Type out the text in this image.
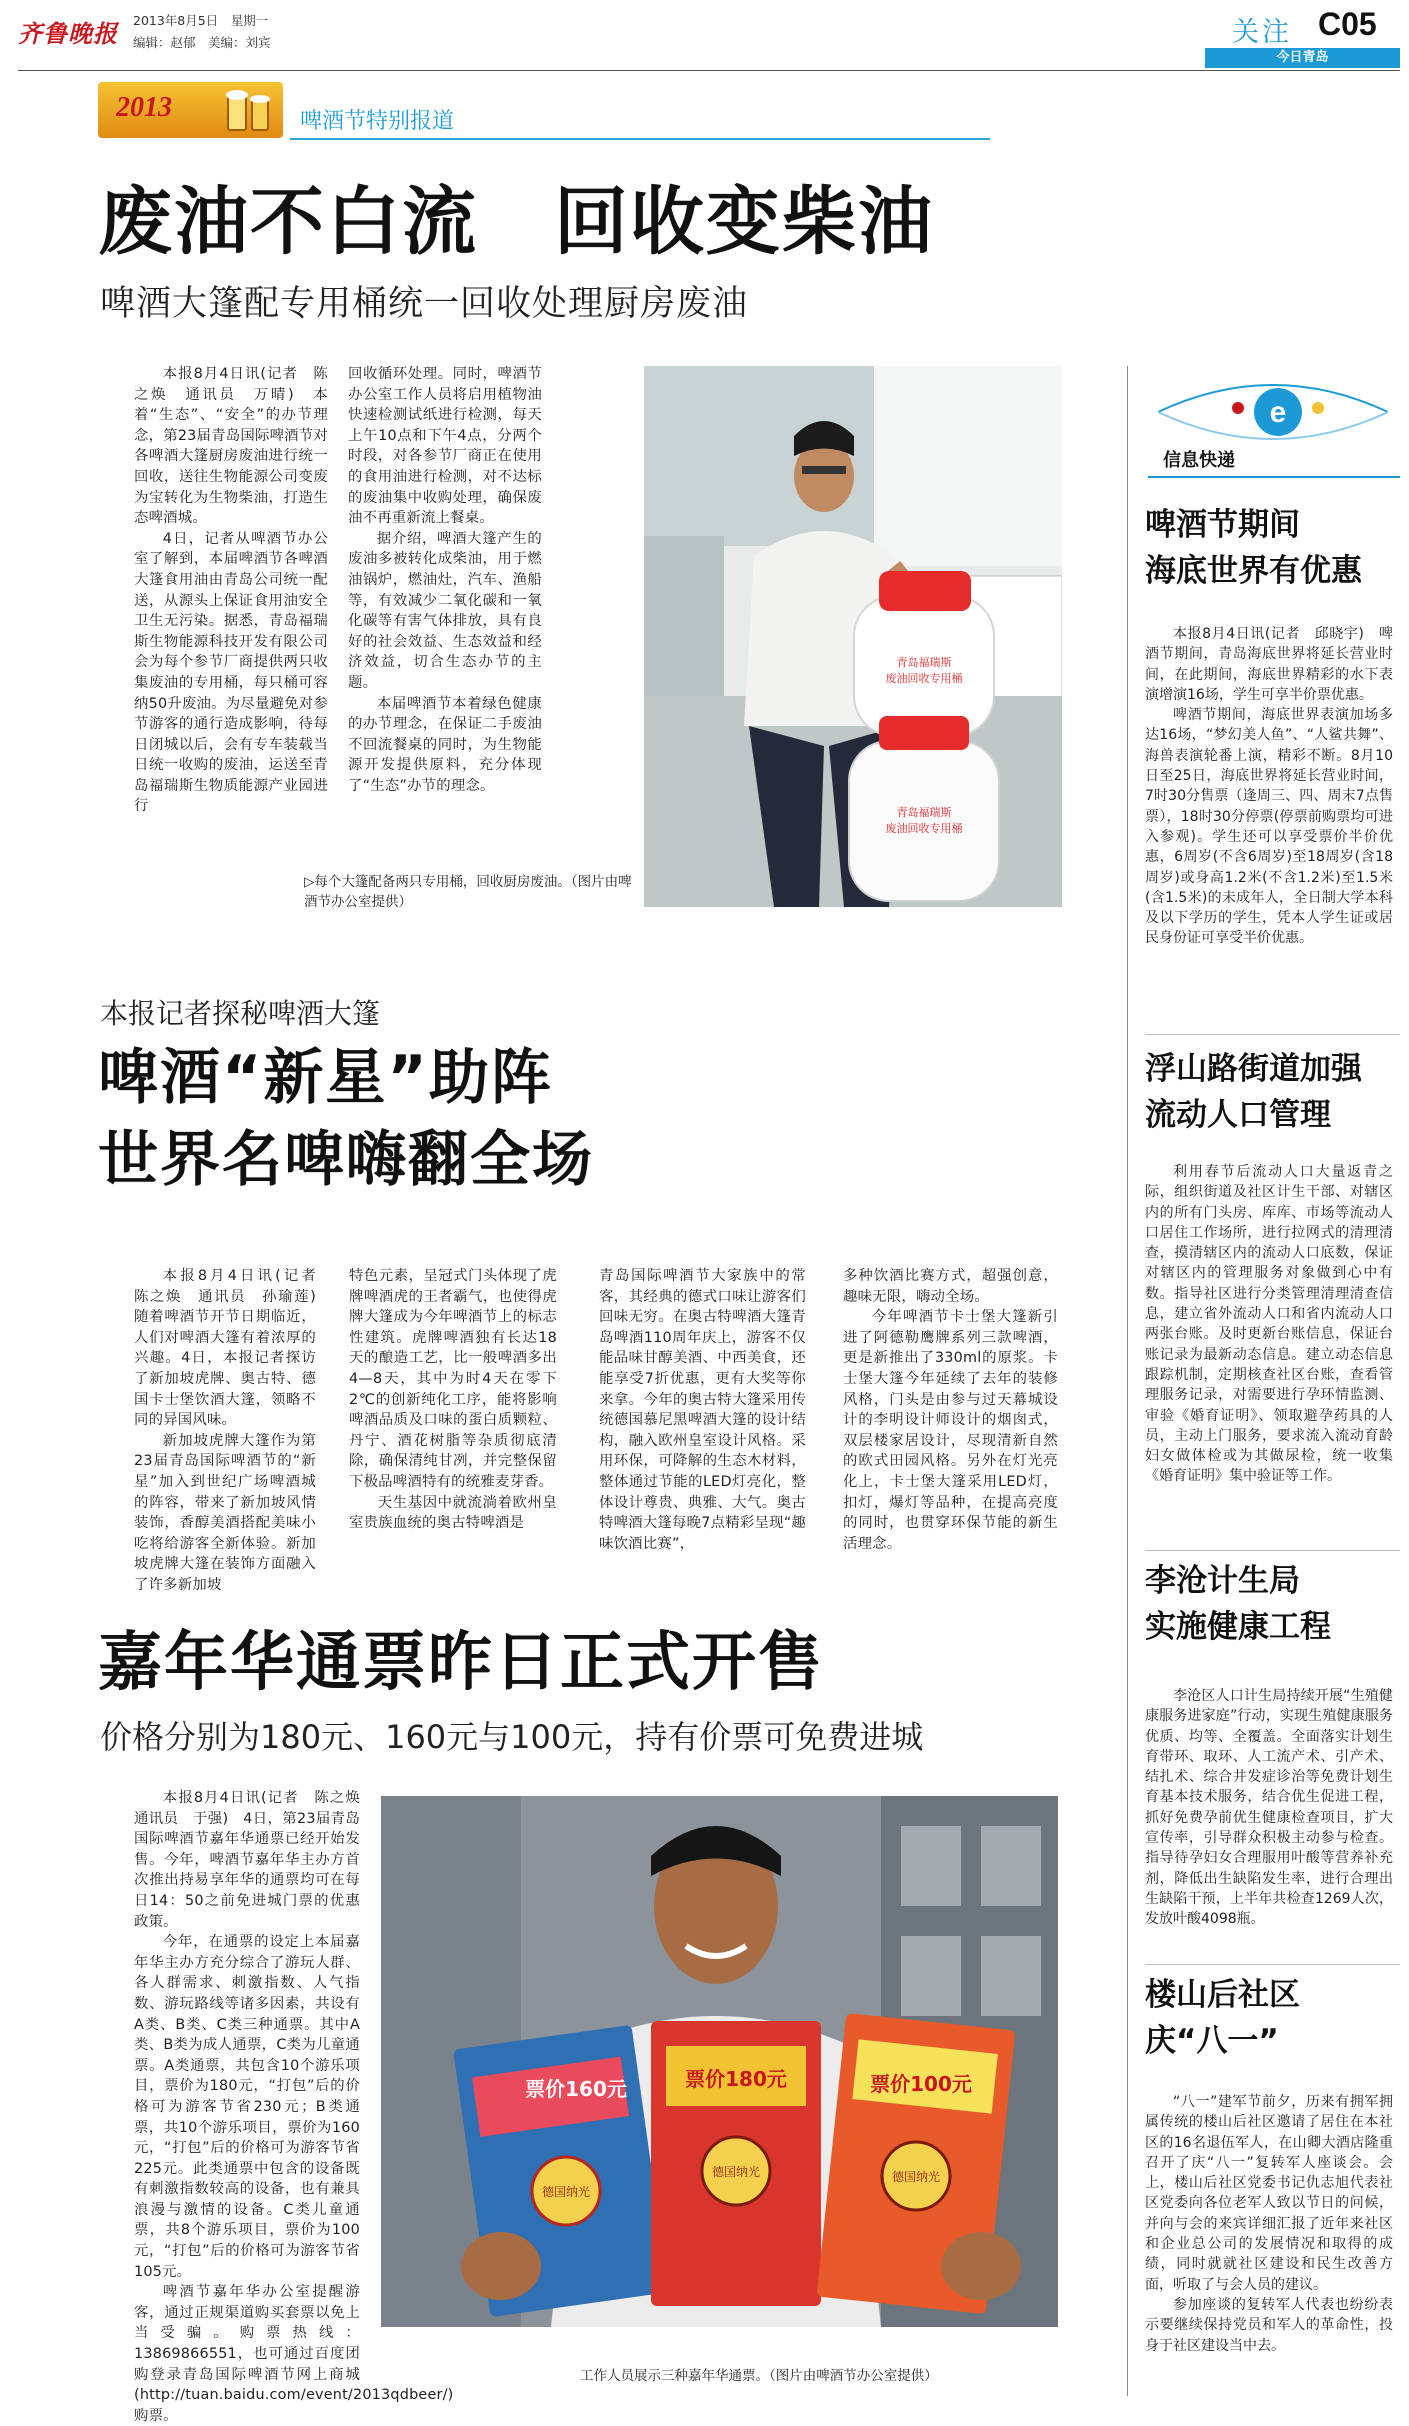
齐鲁晚报 2013年8月5日　星期一
编辑：赵郁　美编：刘宾	关注 C05
今日青岛
2013	啤酒节特别报道
废油不白流　回收变柴油
啤酒大篷配专用桶统一回收处理厨房废油

本报8月4日讯(记者　陈之焕　通讯员　万晴)　本着“生态”、“安全”的办节理念，第23届青岛国际啤酒节对各啤酒大篷厨房废油进行统一回收，送往生物能源公司变废为宝转化为生物柴油，打造生态啤酒城。

4日，记者从啤酒节办公室了解到，本届啤酒节各啤酒大篷食用油由青岛公司统一配送，从源头上保证食用油安全卫生无污染。据悉，青岛福瑞斯生物能源科技开发有限公司会为每个参节厂商提供两只收集废油的专用桶，每只桶可容纳50升废油。为尽量避免对参节游客的通行造成影响，待每日闭城以后，会有专车装载当日统一收购的废油，运送至青岛福瑞斯生物质能源产业园进行

回收循环处理。同时，啤酒节办公室工作人员将启用植物油快速检测试纸进行检测，每天上午10点和下午4点，分两个时段，对各参节厂商正在使用的食用油进行检测，对不达标的废油集中收购处理，确保废油不再重新流上餐桌。

据介绍，啤酒大篷产生的废油多被转化成柴油，用于燃油锅炉，燃油灶，汽车、渔船等，有效减少二氧化碳和一氧化碳等有害气体排放，具有良好的社会效益、生态效益和经济效益，切合生态办节的主题。

本届啤酒节本着绿色健康的办节理念，在保证二手废油不回流餐桌的同时，为生物能源开发提供原料，充分体现了“生态”办节的理念。

青岛福瑞斯
废油回收专用桶
青岛福瑞斯
废油回收专用桶
▷每个大篷配备两只专用桶，回收厨房废油。（图片由啤酒节办公室提供）
本报记者探秘啤酒大篷
啤酒“新星”助阵
世界名啤嗨翻全场

本报8月4日讯(记者　陈之焕　通讯员　孙瑜莲)　随着啤酒节开节日期临近，人们对啤酒大篷有着浓厚的兴趣。4日，本报记者探访了新加坡虎牌、奥古特、德国卡士堡饮酒大篷，领略不同的异国风味。

新加坡虎牌大篷作为第23届青岛国际啤酒节的“新星”加入到世纪广场啤酒城的阵容，带来了新加坡风情装饰，香醇美酒搭配美味小吃将给游客全新体验。新加坡虎牌大篷在装饰方面融入了许多新加坡

特色元素，呈冠式门头体现了虎牌啤酒虎的王者霸气，也使得虎牌大篷成为今年啤酒节上的标志性建筑。虎牌啤酒独有长达18天的酿造工艺，比一般啤酒多出4—8天，其中为时4天在零下2℃的创新纯化工序，能将影响啤酒品质及口味的蛋白质颗粒、丹宁、酒花树脂等杂质彻底清除，确保清纯甘冽，并完整保留下极品啤酒特有的统雅麦芽香。

天生基因中就流淌着欧州皇室贵族血统的奥古特啤酒是

青岛国际啤酒节大家族中的常客，其经典的德式口味让游客们回味无穷。在奥古特啤酒大篷青岛啤酒110周年庆上，游客不仅能品味甘醇美酒、中西美食，还能享受7折优惠，更有大奖等你来拿。今年的奥古特大篷采用传统德国慕尼黑啤酒大篷的设计结构，融入欧州皇室设计风格。采用环保，可降解的生态木材料，整体通过节能的LED灯亮化，整体设计尊贵、典雅、大气。奥古特啤酒大篷每晚7点精彩呈现“趣味饮酒比赛”，

多种饮酒比赛方式，超强创意，趣味无限，嗨动全场。

今年啤酒节卡士堡大篷新引进了阿德勒鹰牌系列三款啤酒，更是新推出了330ml的原浆。卡士堡大篷今年延续了去年的装修风格，门头是由参与过天幕城设计的李明设计师设计的烟囱式，双层楼家居设计，尽现清新自然的欧式田园风格。另外在灯光亮化上，卡士堡大篷采用LED灯，扣灯，爆灯等品种，在提高亮度的同时，也贯穿环保节能的新生活理念。

嘉年华通票昨日正式开售
价格分别为180元、160元与100元，持有价票可免费进城

本报8月4日讯(记者　陈之焕　通讯员　于强)　4日，第23届青岛国际啤酒节嘉年华通票已经开始发售。今年，啤酒节嘉年华主办方首次推出持易享年华的通票均可在每日14：50之前免进城门票的优惠政策。

今年，在通票的设定上本届嘉年华主办方充分综合了游玩人群、各人群需求、刺激指数、人气指数、游玩路线等诸多因素，共设有A类、B类、C类三种通票。其中A类、B类为成人通票，C类为儿童通票。A类通票，共包含10个游乐项目，票价为180元，“打包”后的价格可为游客节省230元；B类通票，共10个游乐项目，票价为160元，“打包”后的价格可为游客节省225元。此类通票中包含的设备既有刺激指数较高的设备，也有兼具浪漫与激情的设备。C类儿童通票，共8个游乐项目，票价为100元，“打包”后的价格可为游客节省105元。

啤酒节嘉年华办公室提醒游客，通过正规渠道购买套票以免上当受骗。购票热线：13869866551，也可通过百度团购登录青岛国际啤酒节网上商城(http://tuan.baidu.com/event/2013qdbeer/)购票。

票价160元	票价180元	票价100元
德国纳光
德国纳光	德国纳光
工作人员展示三种嘉年华通票。（图片由啤酒节办公室提供）
e
信息快递
啤酒节期间
海底世界有优惠

本报8月4日讯(记者　邱晓宇)　啤酒节期间，青岛海底世界将延长营业时间，在此期间，海底世界精彩的水下表演增演16场，学生可享半价票优惠。

啤酒节期间，海底世界表演加场多达16场，“梦幻美人鱼”、“人鲨共舞”、海兽表演轮番上演，精彩不断。8月10日至25日，海底世界将延长营业时间，7时30分售票（逢周三、四、周末7点售票），18时30分停票(停票前购票均可进入参观)。学生还可以享受票价半价优惠，6周岁(不含6周岁)至18周岁(含18周岁)或身高1.2米(不含1.2米)至1.5米(含1.5米)的未成年人，全日制大学本科及以下学历的学生，凭本人学生证或居民身份证可享受半价优惠。

浮山路街道加强
流动人口管理

利用春节后流动人口大量返青之际，组织街道及社区计生干部、对辖区内的所有门头房、库库、市场等流动人口居住工作场所，进行拉网式的清理清查，摸清辖区内的流动人口底数，保证对辖区内的管理服务对象做到心中有数。指导社区进行分类管理清理清查信息，建立省外流动人口和省内流动人口两张台账。及时更新台账信息，保证台账记录为最新动态信息。建立动态信息跟踪机制，定期核查社区台账，查看管理服务记录，对需要进行孕环情监测、审验《婚育证明》、领取避孕药具的人员，主动上门服务，要求流入流动育龄妇女做体检或为其做尿检，统一收集《婚育证明》集中验证等工作。

李沧计生局
实施健康工程

李沧区人口计生局持续开展“生殖健康服务进家庭”行动，实现生殖健康服务优质、均等、全覆盖。全面落实计划生育带环、取环、人工流产术、引产术、结扎术、综合井发症诊治等免费计划生育基本技术服务，结合优生促进工程，抓好免费孕前优生健康检查项目，扩大宣传率，引导群众积极主动参与检查。指导待孕妇女合理服用叶酸等营养补充剂，降低出生缺陷发生率，进行合理出生缺陷干预，上半年共检查1269人次，发放叶酸4098瓶。

楼山后社区
庆“八一”

“八一”建军节前夕，历来有拥军拥属传统的楼山后社区邀请了居住在本社区的16名退伍军人，在山卿大酒店隆重召开了庆“八一”复转军人座谈会。会上，楼山后社区党委书记仇志旭代表社区党委向各位老军人致以节日的问候，并向与会的来宾详细汇报了近年来社区和企业总公司的发展情况和取得的成绩，同时就就社区建设和民生改善方面，听取了与会人员的建议。

参加座谈的复转军人代表也纷纷表示要继续保持党员和军人的革命性，投身于社区建设当中去。
